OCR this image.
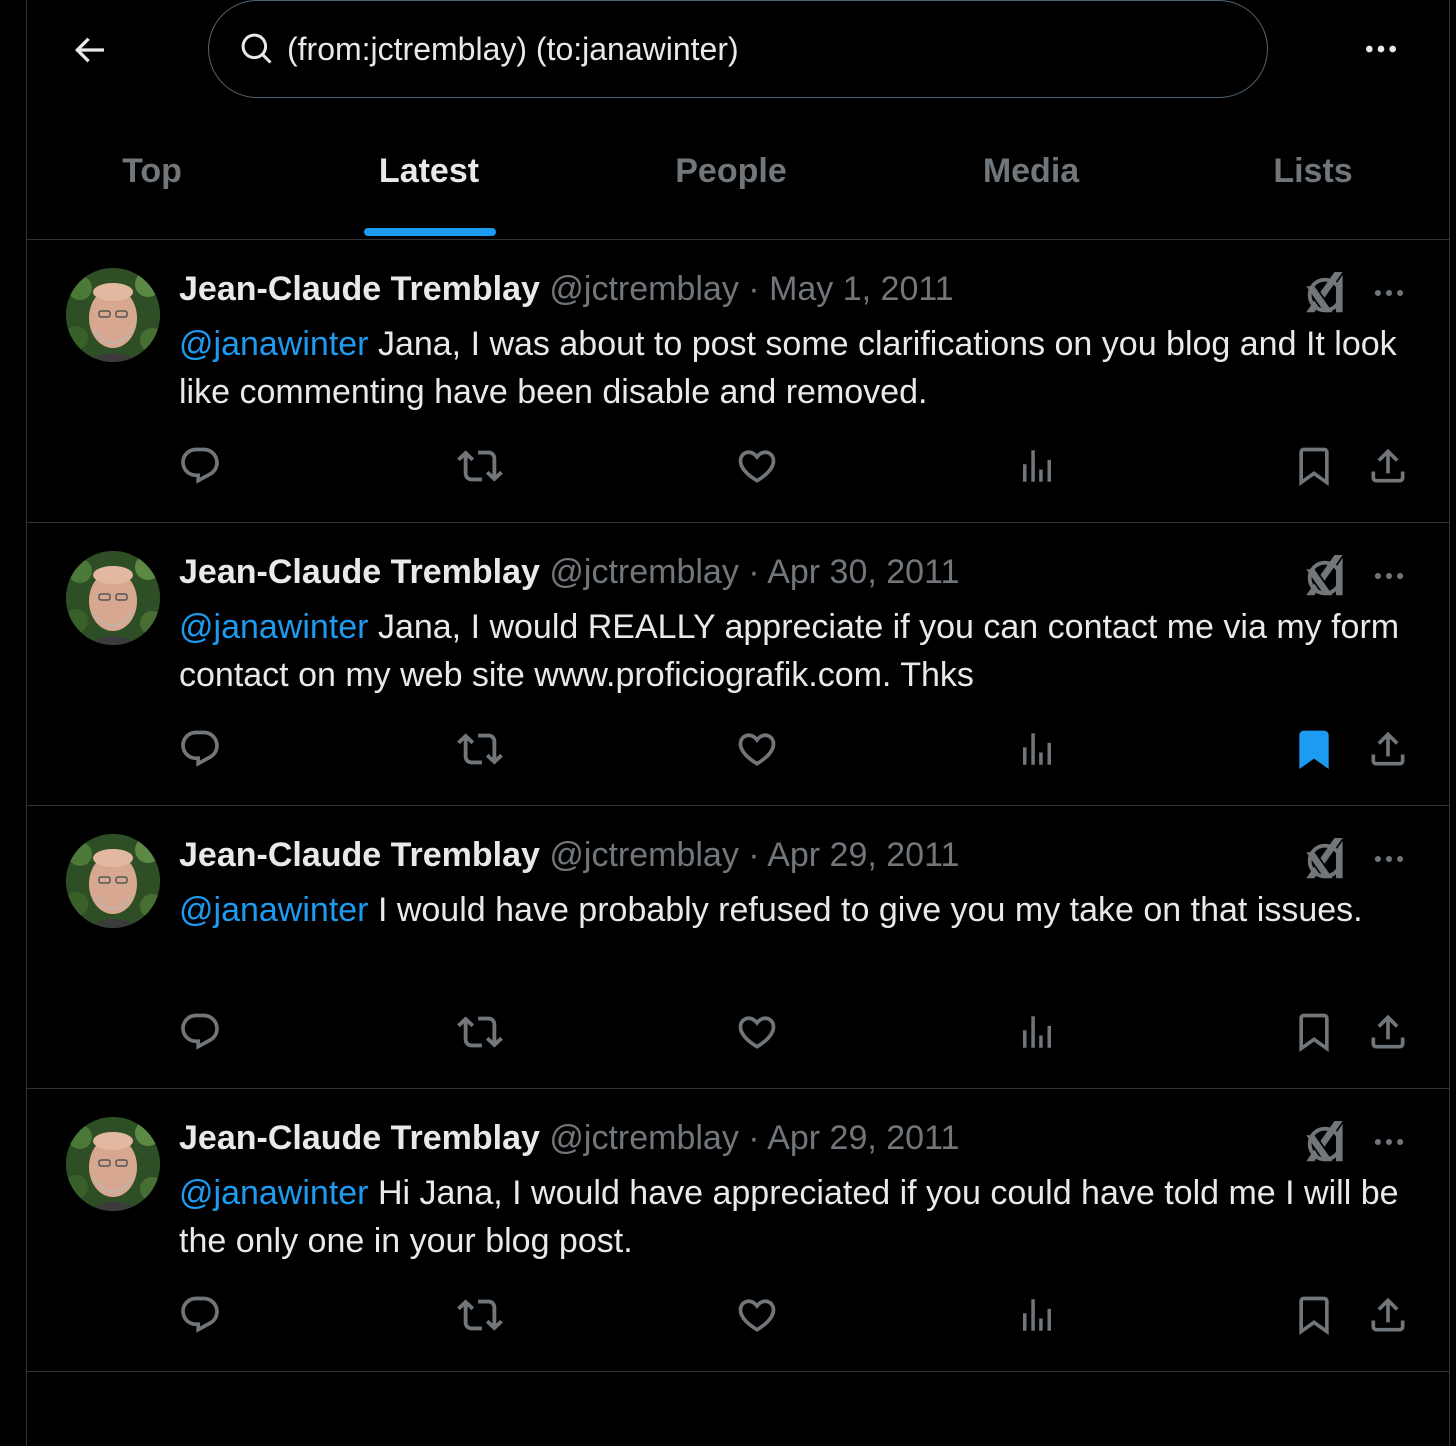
(from:jctremblay) (to:janawinter)
Top	Latest	People	Media	Lists
Jean-Claude Tremblay @jctremblay · May 1, 2011
@janawinter Jana, I was about to post some clarifications on you blog and It look like commenting have been disable and removed.
Jean-Claude Tremblay @jctremblay · Apr 30, 2011
@janawinter Jana, I would REALLY appreciate if you can contact me via my form contact on my web site www.proficiografik.com. Thks
Jean-Claude Tremblay @jctremblay · Apr 29, 2011
@janawinter I would have probably refused to give you my take on that issues.
Jean-Claude Tremblay @jctremblay · Apr 29, 2011
@janawinter Hi Jana, I would have appreciated if you could have told me I will be the only one in your blog post.
